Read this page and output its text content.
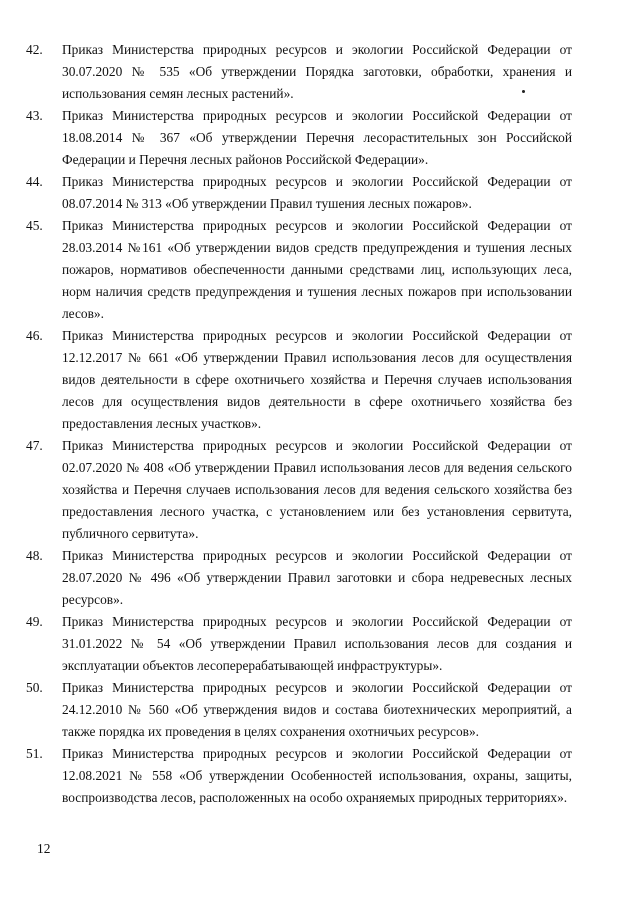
42.	Приказ Министерства природных ресурсов и экологии Российской Федерации от 30.07.2020 № 535 «Об утверждении Порядка заготовки, обработки, хранения и использования семян лесных растений».
43.	Приказ Министерства природных ресурсов и экологии Российской Федерации от 18.08.2014 № 367 «Об утверждении Перечня лесорастительных зон Российской Федерации и Перечня лесных районов Российской Федерации».
44.	Приказ Министерства природных ресурсов и экологии Российской Федерации от 08.07.2014 № 313 «Об утверждении Правил тушения лесных пожаров».
45.	Приказ Министерства природных ресурсов и экологии Российской Федерации от 28.03.2014 №161 «Об утверждении видов средств предупреждения и тушения лесных пожаров, нормативов обеспеченности данными средствами лиц, использующих леса, норм наличия средств предупреждения и тушения лесных пожаров при использовании лесов».
46.	Приказ Министерства природных ресурсов и экологии Российской Федерации от 12.12.2017 № 661 «Об утверждении Правил использования лесов для осуществления видов деятельности в сфере охотничьего хозяйства и Перечня случаев использования лесов для осуществления видов деятельности в сфере охотничьего хозяйства без предоставления лесных участков».
47.	Приказ Министерства природных ресурсов и экологии Российской Федерации от 02.07.2020 № 408 «Об утверждении Правил использования лесов для ведения сельского хозяйства и Перечня случаев использования лесов для ведения сельского хозяйства без предоставления лесного участка, с установлением или без установления сервитута, публичного сервитута».
48.	Приказ Министерства природных ресурсов и экологии Российской Федерации от 28.07.2020 № 496 «Об утверждении Правил заготовки и сбора недревесных лесных ресурсов».
49.	Приказ Министерства природных ресурсов и экологии Российской Федерации от 31.01.2022 № 54 «Об утверждении Правил использования лесов для создания и эксплуатации объектов лесоперерабатывающей инфраструктуры».
50.	Приказ Министерства природных ресурсов и экологии Российской Федерации от 24.12.2010 № 560 «Об утверждения видов и состава биотехнических мероприятий, а также порядка их проведения в целях сохранения охотничьих ресурсов».
51.	Приказ Министерства природных ресурсов и экологии Российской Федерации от 12.08.2021 № 558 «Об утверждении Особенностей использования, охраны, защиты, воспроизводства лесов, расположенных на особо охраняемых природных территориях».
12
